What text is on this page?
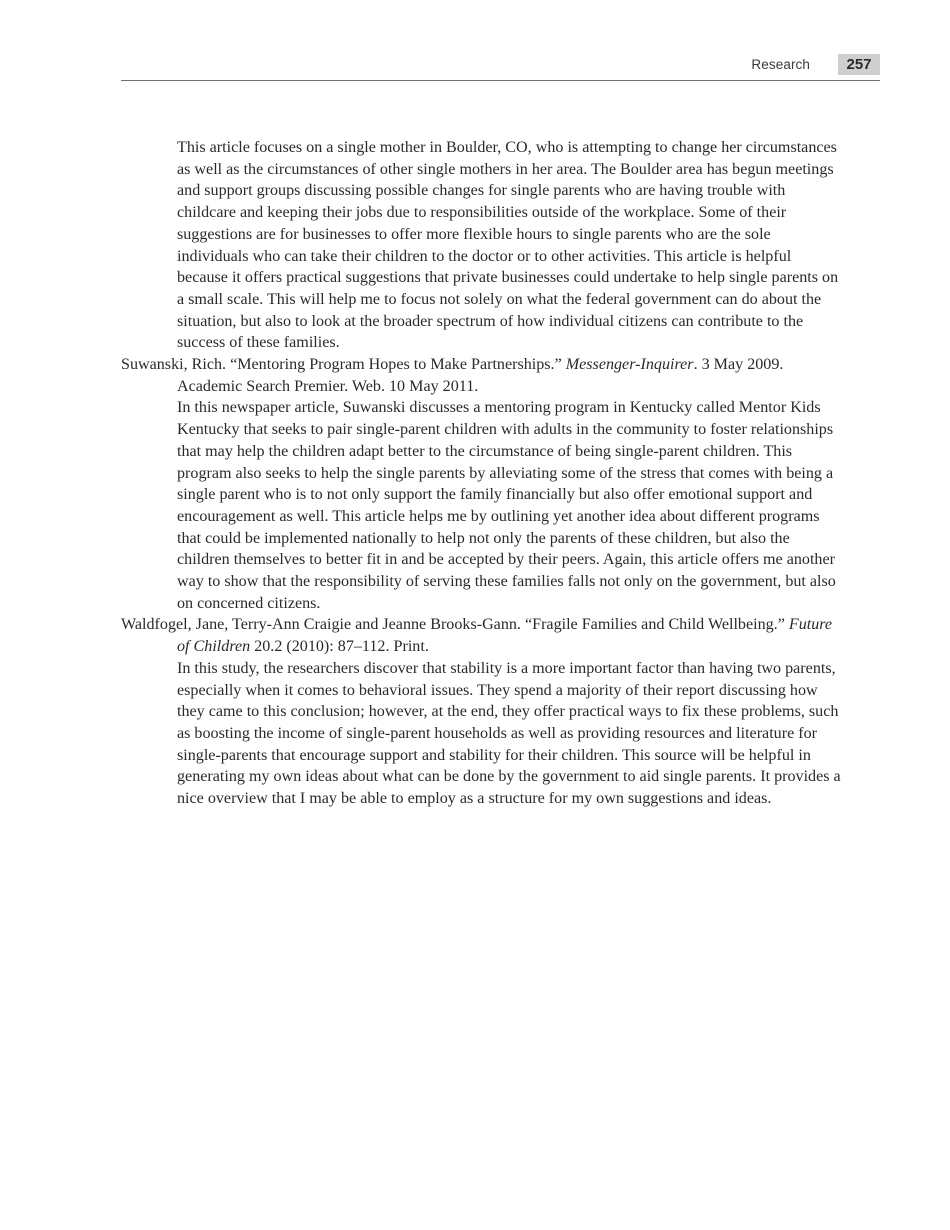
Research	257

This article focuses on a single mother in Boulder, CO, who is attempting to change her circumstances as well as the circumstances of other single mothers in her area. The Boulder area has begun meetings and support groups discussing possible changes for single parents who are having trouble with childcare and keeping their jobs due to responsibilities outside of the workplace. Some of their suggestions are for businesses to offer more flexible hours to single parents who are the sole individuals who can take their children to the doctor or to other activities. This article is helpful because it offers practical suggestions that private businesses could undertake to help single parents on a small scale. This will help me to focus not solely on what the federal government can do about the situation, but also to look at the broader spectrum of how individual citizens can contribute to the success of these families.

Suwanski, Rich. “Mentoring Program Hopes to Make Partnerships.” Messenger-Inquirer. 3 May 2009. Academic Search Premier. Web. 10 May 2011.

In this newspaper article, Suwanski discusses a mentoring program in Kentucky called Mentor Kids Kentucky that seeks to pair single-parent children with adults in the community to foster relationships that may help the children adapt better to the circumstance of being single-parent children. This program also seeks to help the single parents by alleviating some of the stress that comes with being a single parent who is to not only support the family financially but also offer emotional support and encouragement as well. This article helps me by outlining yet another idea about different programs that could be implemented nationally to help not only the parents of these children, but also the children themselves to better fit in and be accepted by their peers. Again, this article offers me another way to show that the responsibility of serving these families falls not only on the government, but also on concerned citizens.

Waldfogel, Jane, Terry-Ann Craigie and Jeanne Brooks-Gann. “Fragile Families and Child Wellbeing.” Future of Children 20.2 (2010): 87–112. Print.

In this study, the researchers discover that stability is a more important factor than having two parents, especially when it comes to behavioral issues. They spend a majority of their report discussing how they came to this conclusion; however, at the end, they offer practical ways to fix these problems, such as boosting the income of single-parent households as well as providing resources and literature for single-parents that encourage support and stability for their children. This source will be helpful in generating my own ideas about what can be done by the government to aid single parents. It provides a nice overview that I may be able to employ as a structure for my own suggestions and ideas.
